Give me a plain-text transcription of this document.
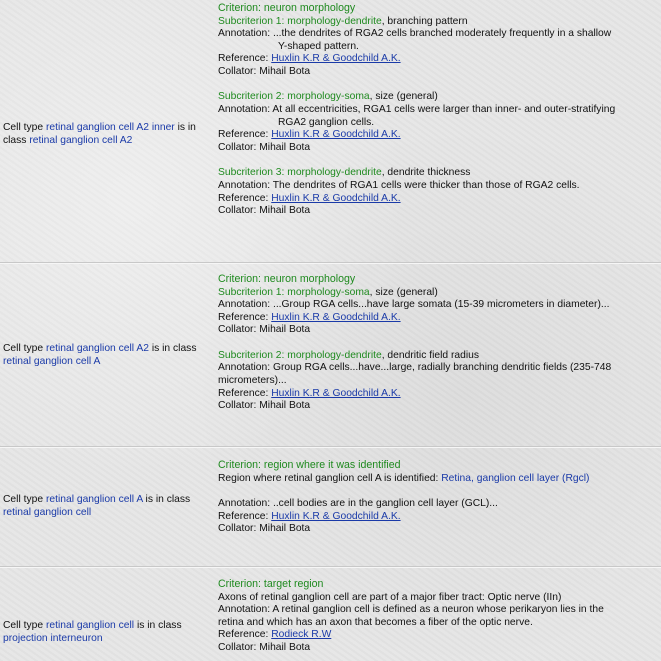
Cell type retinal ganglion cell A2 inner is in class retinal ganglion cell A2
Criterion: neuron morphology
Subcriterion 1: morphology-dendrite, branching pattern
Annotation: ...the dendrites of RGA2 cells branched moderately frequently in a shallow
Y-shaped pattern.
Reference: Huxlin K.R & Goodchild A.K.
Collator: Mihail Bota
Subcriterion 2: morphology-soma, size (general)
Annotation: At all eccentricities, RGA1 cells were larger than inner- and outer-stratifying
RGA2 ganglion cells.
Reference: Huxlin K.R & Goodchild A.K.
Collator: Mihail Bota
Subcriterion 3: morphology-dendrite, dendrite thickness
Annotation: The dendrites of RGA1 cells were thicker than those of RGA2 cells.
Reference: Huxlin K.R & Goodchild A.K.
Collator: Mihail Bota
Cell type retinal ganglion cell A2 is in class retinal ganglion cell A
Criterion: neuron morphology
Subcriterion 1: morphology-soma, size (general)
Annotation: ...Group RGA cells...have large somata (15-39 micrometers in diameter)...
Reference: Huxlin K.R & Goodchild A.K.
Collator: Mihail Bota
Subcriterion 2: morphology-dendrite, dendritic field radius
Annotation: Group RGA cells...have...large, radially branching dendritic fields (235-748
micrometers)...
Reference: Huxlin K.R & Goodchild A.K.
Collator: Mihail Bota
Cell type retinal ganglion cell A is in class retinal ganglion cell
Criterion: region where it was identified
Region where retinal ganglion cell A is identified: Retina, ganglion cell layer (Rgcl)
Annotation: ..cell bodies are in the ganglion cell layer (GCL)...
Reference: Huxlin K.R & Goodchild A.K.
Collator: Mihail Bota
Cell type retinal ganglion cell is in class projection interneuron
Criterion: target region
Axons of retinal ganglion cell are part of a major fiber tract: Optic nerve (IIn)
Annotation: A retinal ganglion cell is defined as a neuron whose perikaryon lies in the
retina and which has an axon that becomes a fiber of the optic nerve.
Reference: Rodieck R.W
Collator: Mihail Bota
